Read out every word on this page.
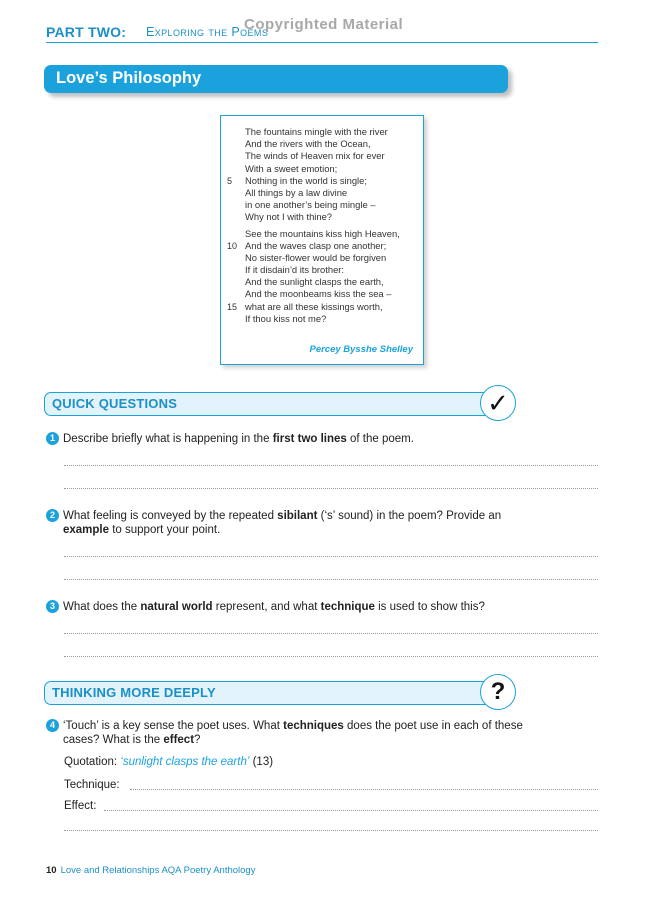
PART TWO: Exploring the Poems
Copyrighted Material
Love’s Philosophy
The fountains mingle with the river
And the rivers with the Ocean,
The winds of Heaven mix for ever
With a sweet emotion;
5	Nothing in the world is single;
All things by a law divine
in one another’s being mingle –
Why not I with thine?
See the mountains kiss high Heaven,
10 And the waves clasp one another;
No sister-flower would be forgiven
If it disdain’d its brother:
And the sunlight clasps the earth,
And the moonbeams kiss the sea –
15 what are all these kissings worth,
If thou kiss not me?
Percey Bysshe Shelley
QUICK QUESTIONS	✓
1 Describe briefly what is happening in the first two lines of the poem.
2 What feeling is conveyed by the repeated sibilant (‘s’ sound) in the poem? Provide an example to support your point.
3 What does the natural world represent, and what technique is used to show this?
THINKING MORE DEEPLY	?
4 ‘Touch’ is a key sense the poet uses. What techniques does the poet use in each of these cases? What is the effect?
Quotation: ‘sunlight clasps the earth’ (13)
Technique:
Effect:
10 Love and Relationships AQA Poetry Anthology
